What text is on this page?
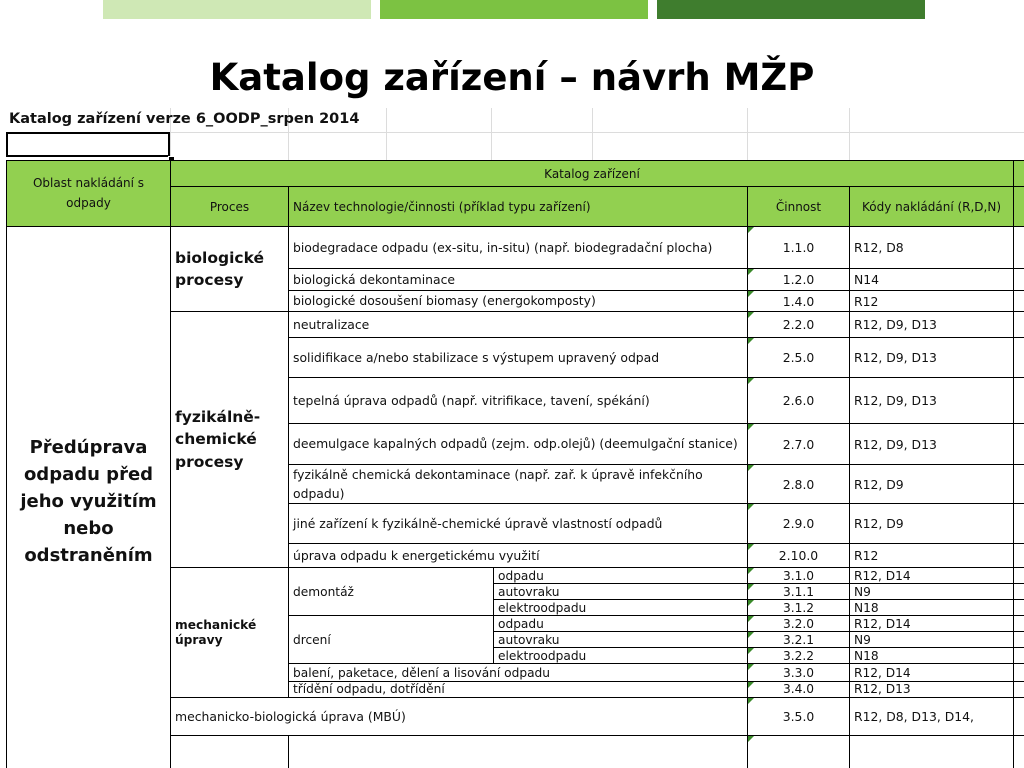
Katalog zařízení – návrh MŽP
Katalog zařízení verze 6_OODP_srpen 2014
Oblast nakládání s odpady	Katalog zařízení					
	Proces	Název technologie/činnosti (příklad typu zařízení)		Činnost	Kódy nakládání (R,D,N)	
Předúprava odpadu před jeho využitím nebo odstraněním	biologické procesy	biodegradace odpadu (ex-situ, in-situ) (např. biodegradační plocha)		1.1.0	R12, D8	
		biologická dekontaminace		1.2.0	N14	
		biologické dosoušení biomasy (energokomposty)		1.4.0	R12	
	fyzikálně-chemické procesy	neutralizace		2.2.0	R12, D9, D13	
		solidifikace a/nebo stabilizace s výstupem upravený odpad		2.5.0	R12, D9, D13	
		tepelná úprava odpadů (např. vitrifikace, tavení, spékání)		2.6.0	R12, D9, D13	
		deemulgace kapalných odpadů (zejm. odp.olejů) (deemulgační stanice)		2.7.0	R12, D9, D13	
		fyzikálně chemická dekontaminace (např. zař. k úpravě infekčního odpadu)		2.8.0	R12, D9	
		jiné zařízení k fyzikálně-chemické úpravě vlastností odpadů		2.9.0	R12, D9	
		úprava odpadu k energetickému využití		2.10.0	R12	
	mechanické úpravy	demontáž	odpadu	3.1.0	R12, D14	
			autovraku	3.1.1	N9	
			elektroodpadu	3.1.2	N18	
		drcení	odpadu	3.2.0	R12, D14	
			autovraku	3.2.1	N9	
			elektroodpadu	3.2.2	N18	
		balení, paketace, dělení a lisování odpadu		3.3.0	R12, D14	
		třídění odpadu, dotřídění		3.4.0	R12, D13	
	mechanicko-biologická úprava (MBÚ)			3.5.0	R12, D8, D13, D14,	
